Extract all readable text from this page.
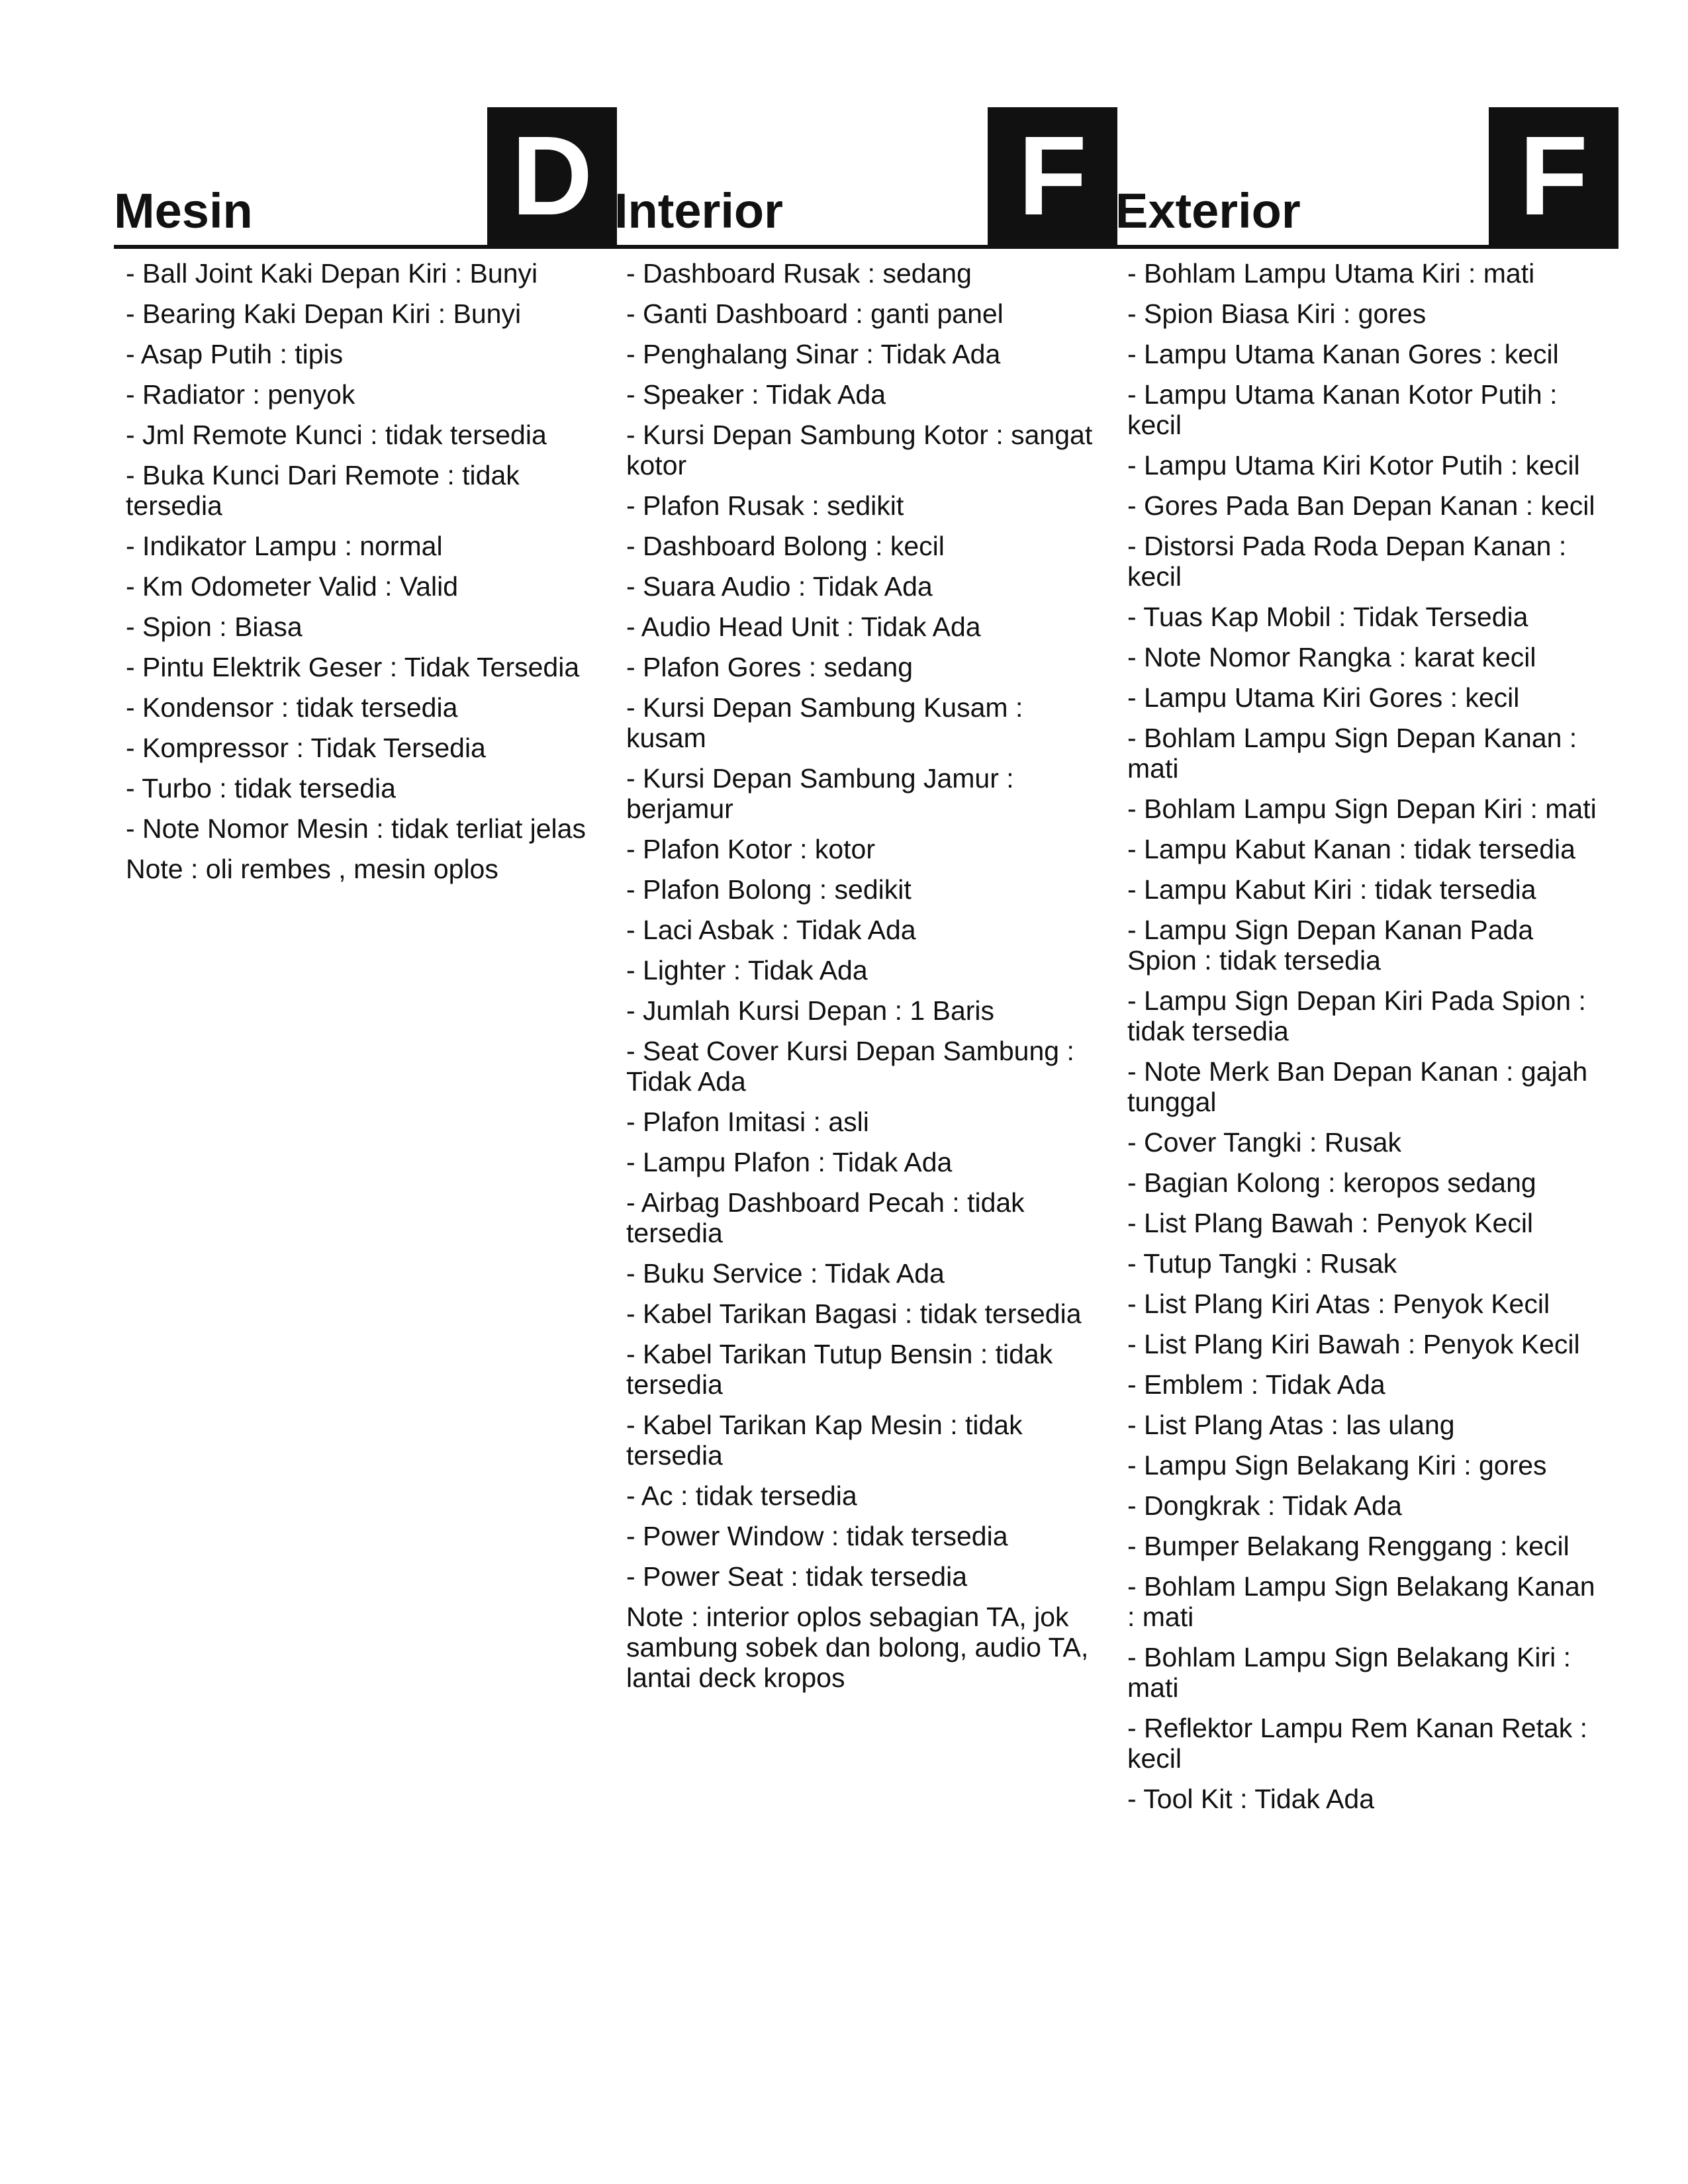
Mesin D
- Ball Joint Kaki Depan Kiri : Bunyi
- Bearing Kaki Depan Kiri : Bunyi
- Asap Putih : tipis
- Radiator : penyok
- Jml Remote Kunci : tidak tersedia
- Buka Kunci Dari Remote : tidak tersedia
- Indikator Lampu : normal
- Km Odometer Valid : Valid
- Spion : Biasa
- Pintu Elektrik Geser : Tidak Tersedia
- Kondensor : tidak tersedia
- Kompressor : Tidak Tersedia
- Turbo : tidak tersedia
- Note Nomor Mesin : tidak terliat jelas
Note : oli rembes , mesin oplos
Interior F
- Dashboard Rusak : sedang
- Ganti Dashboard : ganti panel
- Penghalang Sinar : Tidak Ada
- Speaker : Tidak Ada
- Kursi Depan Sambung Kotor : sangat kotor
- Plafon Rusak : sedikit
- Dashboard Bolong : kecil
- Suara Audio : Tidak Ada
- Audio Head Unit : Tidak Ada
- Plafon Gores : sedang
- Kursi Depan Sambung Kusam : kusam
- Kursi Depan Sambung Jamur : berjamur
- Plafon Kotor : kotor
- Plafon Bolong : sedikit
- Laci Asbak : Tidak Ada
- Lighter : Tidak Ada
- Jumlah Kursi Depan : 1 Baris
- Seat Cover Kursi Depan Sambung : Tidak Ada
- Plafon Imitasi : asli
- Lampu Plafon : Tidak Ada
- Airbag Dashboard Pecah : tidak tersedia
- Buku Service : Tidak Ada
- Kabel Tarikan Bagasi : tidak tersedia
- Kabel Tarikan Tutup Bensin : tidak tersedia
- Kabel Tarikan Kap Mesin : tidak tersedia
- Ac : tidak tersedia
- Power Window : tidak tersedia
- Power Seat : tidak tersedia
Note : interior oplos sebagian TA, jok sambung sobek dan bolong, audio TA, lantai deck kropos
Exterior F
- Bohlam Lampu Utama Kiri : mati
- Spion Biasa Kiri : gores
- Lampu Utama Kanan Gores : kecil
- Lampu Utama Kanan Kotor Putih : kecil
- Lampu Utama Kiri Kotor Putih : kecil
- Gores Pada Ban Depan Kanan : kecil
- Distorsi Pada Roda Depan Kanan : kecil
- Tuas Kap Mobil : Tidak Tersedia
- Note Nomor Rangka : karat kecil
- Lampu Utama Kiri Gores : kecil
- Bohlam Lampu Sign Depan Kanan : mati
- Bohlam Lampu Sign Depan Kiri : mati
- Lampu Kabut Kanan : tidak tersedia
- Lampu Kabut Kiri : tidak tersedia
- Lampu Sign Depan Kanan Pada Spion : tidak tersedia
- Lampu Sign Depan Kiri Pada Spion : tidak tersedia
- Note Merk Ban Depan Kanan : gajah tunggal
- Cover Tangki : Rusak
- Bagian Kolong : keropos sedang
- List Plang Bawah : Penyok Kecil
- Tutup Tangki : Rusak
- List Plang Kiri Atas : Penyok Kecil
- List Plang Kiri Bawah : Penyok Kecil
- Emblem : Tidak Ada
- List Plang Atas : las ulang
- Lampu Sign Belakang Kiri : gores
- Dongkrak : Tidak Ada
- Bumper Belakang Renggang : kecil
- Bohlam Lampu Sign Belakang Kanan : mati
- Bohlam Lampu Sign Belakang Kiri : mati
- Reflektor Lampu Rem Kanan Retak : kecil
- Tool Kit : Tidak Ada
